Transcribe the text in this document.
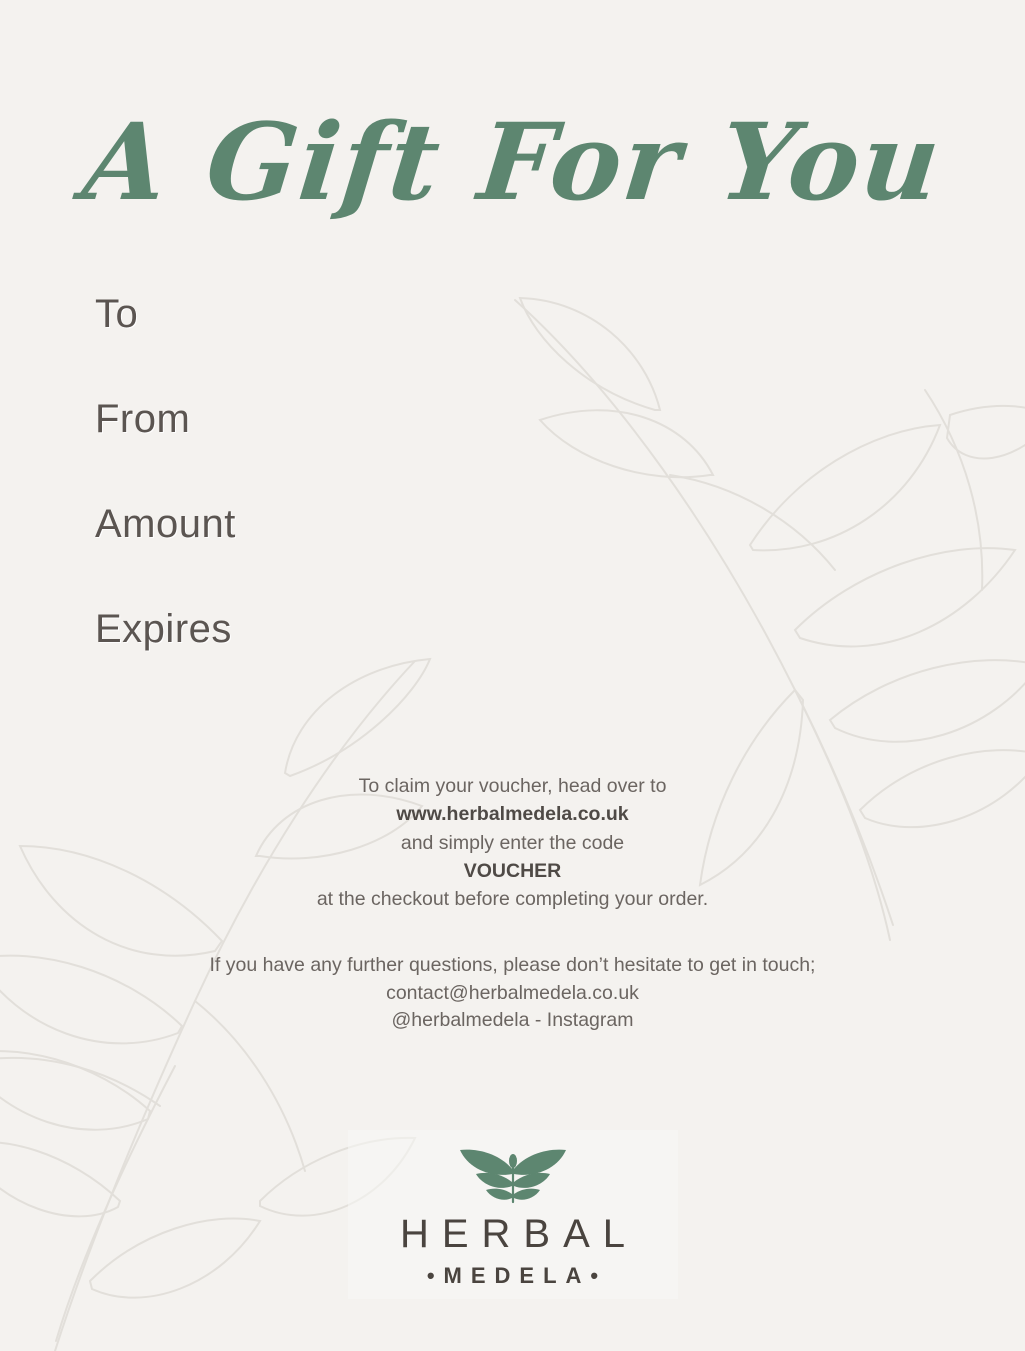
A Gift For You
To
From
Amount
Expires
To claim your voucher, head over to
www.herbalmedela.co.uk
and simply enter the code
VOUCHER
at the checkout before completing your order.
If you have any further questions, please don’t hesitate to get in touch;
contact@herbalmedela.co.uk
@herbalmedela - Instagram
HERBAL
•MEDELA•
